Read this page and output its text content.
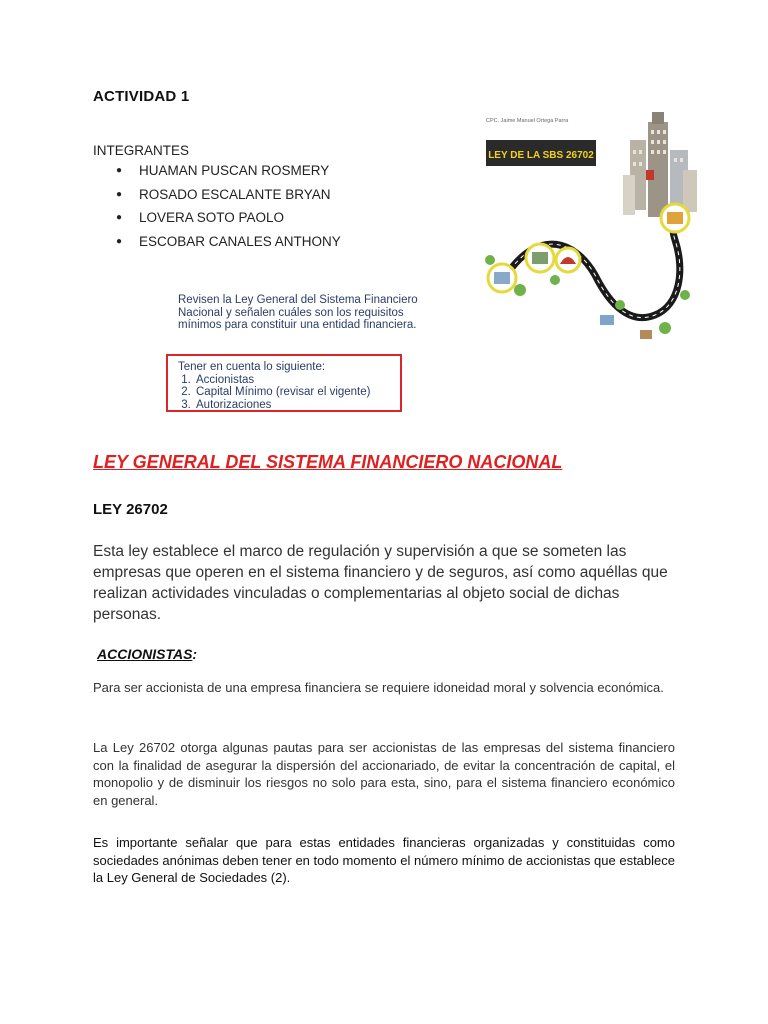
ACTIVIDAD 1
INTEGRANTES
●	HUAMAN PUSCAN ROSMERY
●	ROSADO ESCALANTE BRYAN
●	LOVERA SOTO PAOLO
●	ESCOBAR CANALES ANTHONY
CPC. Jaime Manuel Ortega Parra
LEY DE LA SBS 26702
Revisen la Ley General del Sistema Financiero Nacional y señalen cuáles son los requisitos mínimos para constituir una entidad financiera.
Tener en cuenta lo siguiente:
1. Accionistas
2. Capital Mínimo (revisar el vigente)
3. Autorizaciones
LEY GENERAL DEL SISTEMA FINANCIERO NACIONAL
LEY 26702
Esta ley establece el marco de regulación y supervisión a que se someten las empresas que operen en el sistema financiero y de seguros, así como aquéllas que realizan actividades vinculadas o complementarias al objeto social de dichas personas.
ACCIONISTAS:
Para ser accionista de una empresa financiera se requiere idoneidad moral y solvencia económica.
La Ley 26702 otorga algunas pautas para ser accionistas de las empresas del sistema financiero con la finalidad de asegurar la dispersión del accionariado, de evitar la concentración de capital, el monopolio y de disminuir los riesgos no solo para esta, sino, para el sistema financiero económico en general.
Es importante señalar que para estas entidades financieras organizadas y constituidas como sociedades anónimas deben tener en todo momento el número mínimo de accionistas que establece la Ley General de Sociedades (2).
